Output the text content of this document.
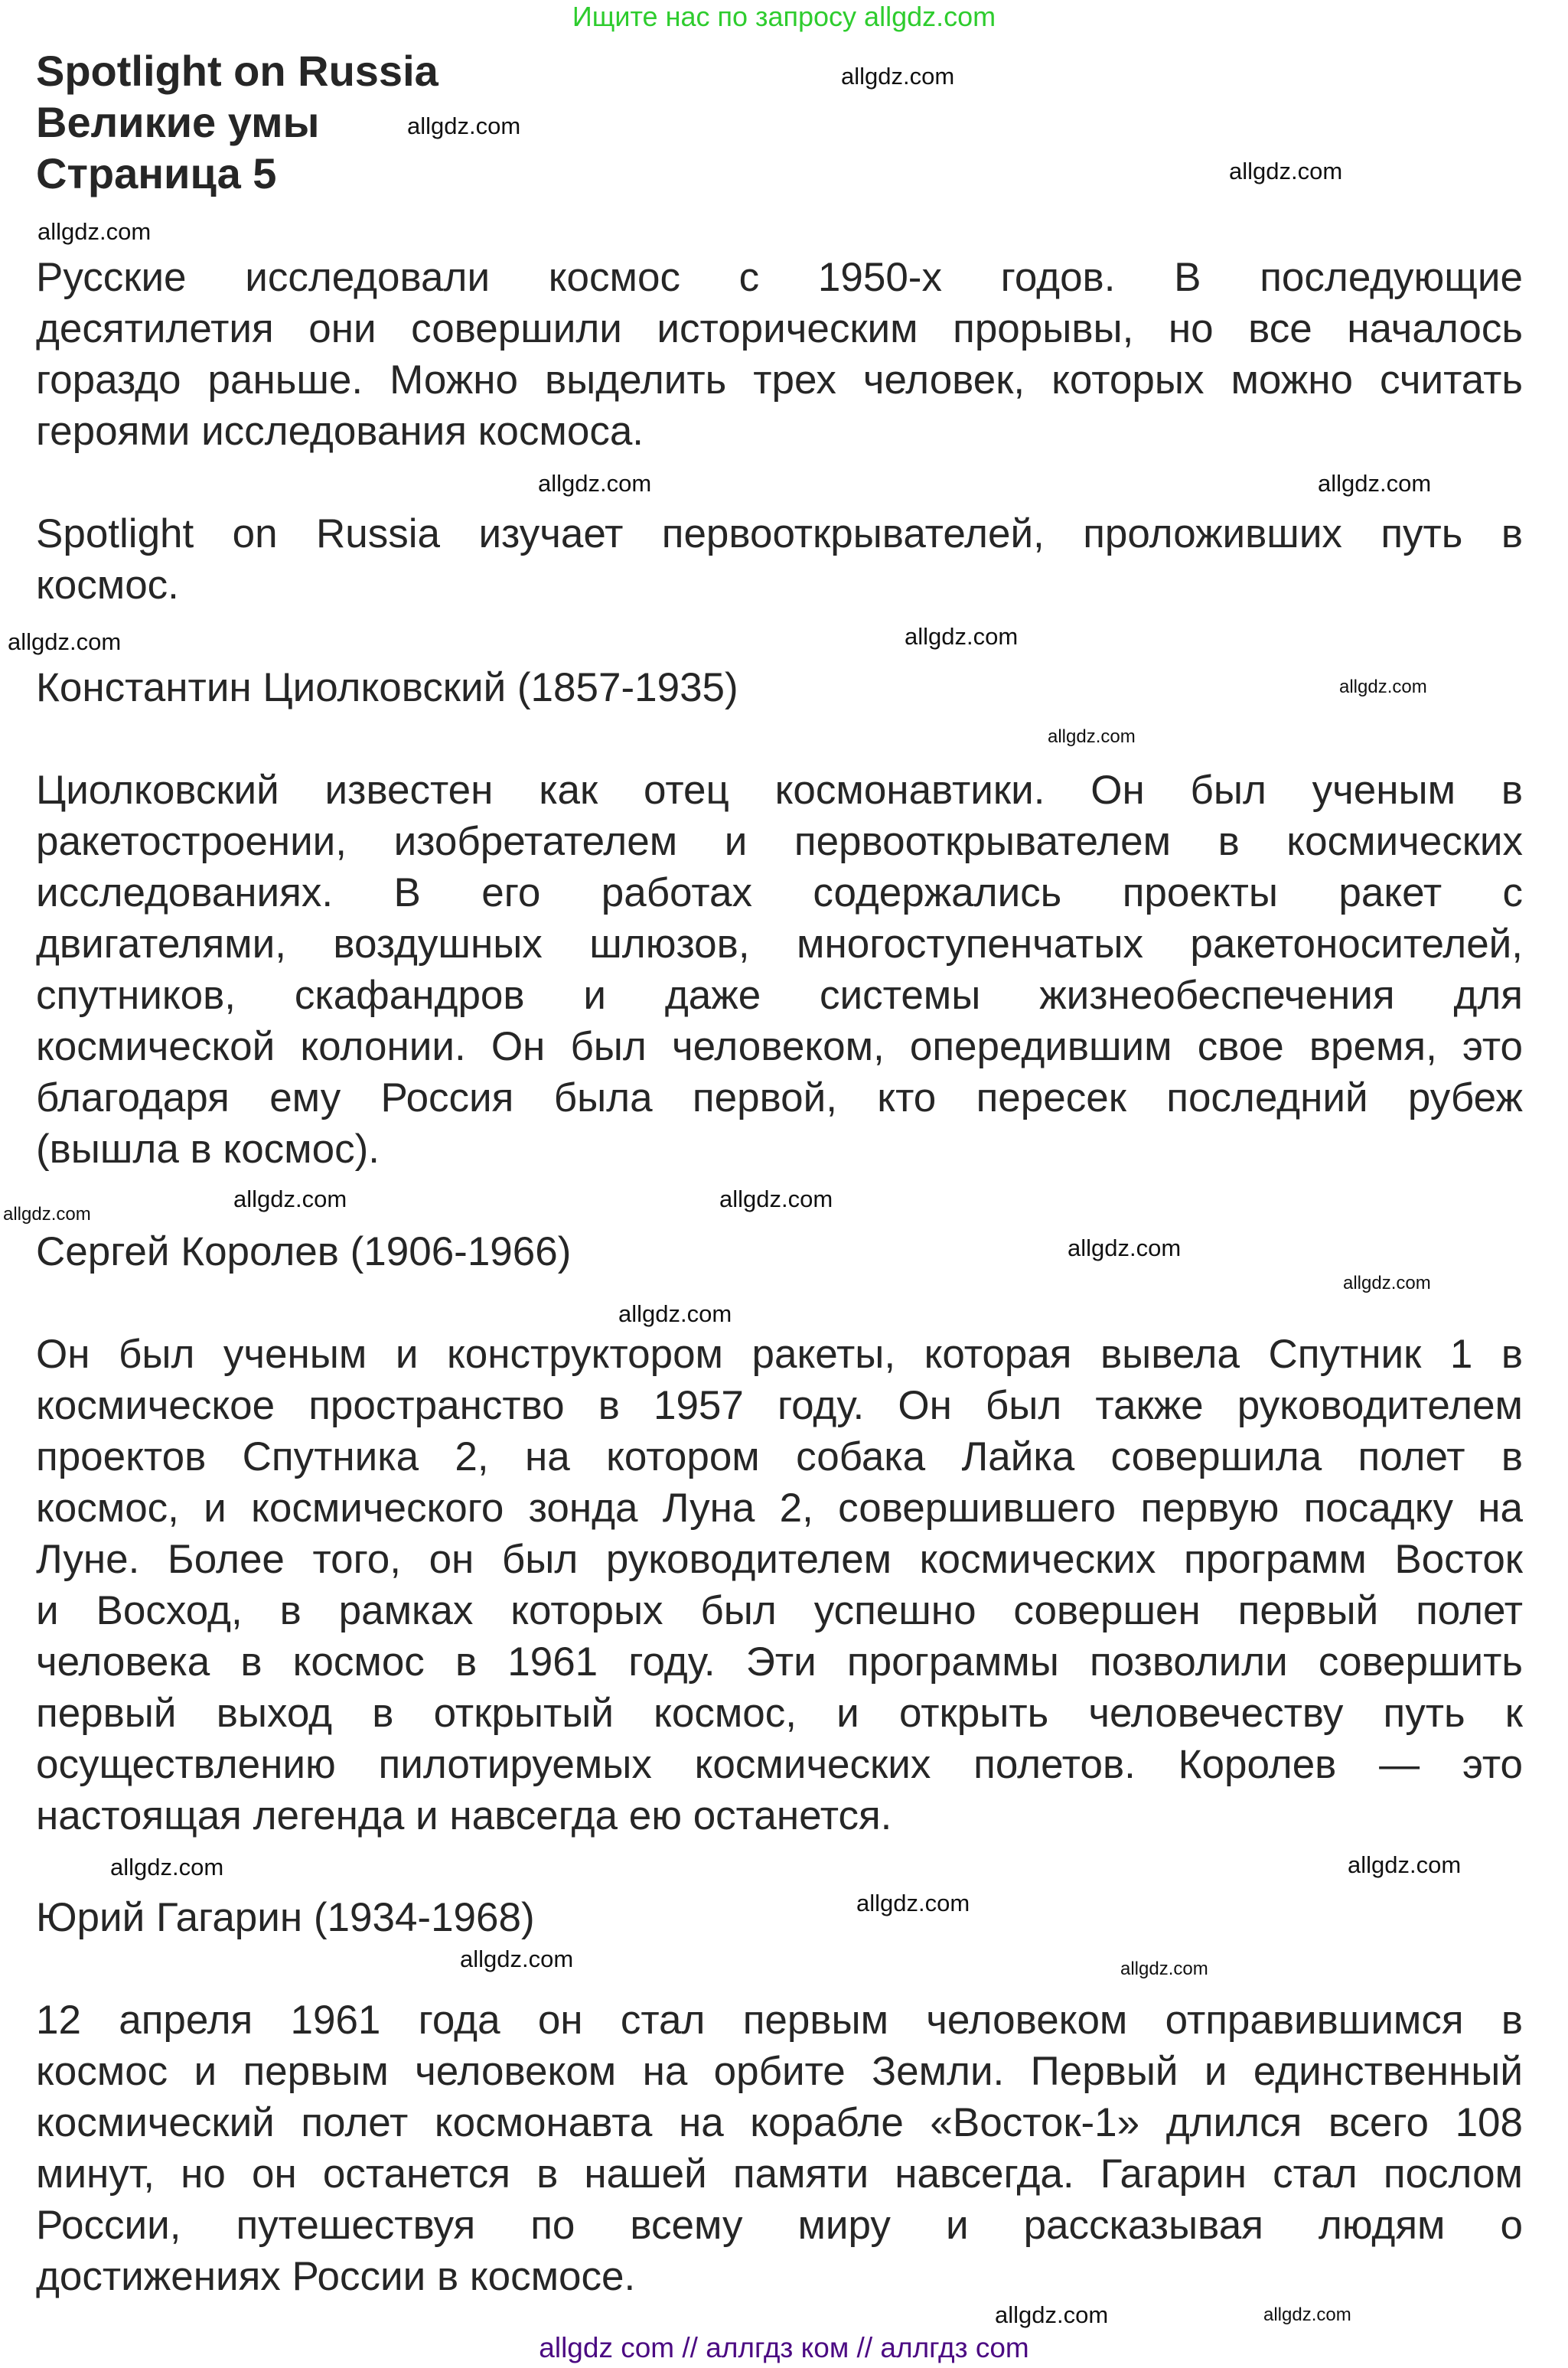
Ищите нас по запросу allgdz.com
Spotlight on Russia
Великие умы
Страница 5
Русские исследовали космос с 1950-х годов. В последующие
десятилетия они совершили историческим прорывы, но все началось
гораздо раньше. Можно выделить трех человек, которых можно считать
героями исследования космоса.
Spotlight on Russia изучает первооткрывателей, проложивших путь в
космос.
Константин Циолковский (1857-1935)
Циолковский известен как отец космонавтики. Он был ученым в
ракетостроении, изобретателем и первооткрывателем в космических
исследованиях. В его работах содержались проекты ракет с
двигателями, воздушных шлюзов, многоступенчатых ракетоносителей,
спутников, скафандров и даже системы жизнеобеспечения для
космической колонии. Он был человеком, опередившим свое время, это
благодаря ему Россия была первой, кто пересек последний рубеж
(вышла в космос).
Сергей Королев (1906-1966)
Он был ученым и конструктором ракеты, которая вывела Спутник 1 в
космическое пространство в 1957 году. Он был также руководителем
проектов Спутника 2, на котором собака Лайка совершила полет в
космос, и космического зонда Луна 2, совершившего первую посадку на
Луне. Более того, он был руководителем космических программ Восток
и Восход, в рамках которых был успешно совершен первый полет
человека в космос в 1961 году. Эти программы позволили совершить
первый выход в открытый космос, и открыть человечеству путь к
осуществлению пилотируемых космических полетов. Королев — это
настоящая легенда и навсегда ею останется.
Юрий Гагарин (1934-1968)
12 апреля 1961 года он стал первым человеком отправившимся в
космос и первым человеком на орбите Земли. Первый и единственный
космический полет космонавта на корабле «Восток-1» длился всего 108
минут, но он останется в нашей памяти навсегда. Гагарин стал послом
России, путешествуя по всему миру и рассказывая людям о
достижениях России в космосе.
allgdz.com
allgdz.com
allgdz.com
allgdz.com
allgdz.com
allgdz.com
allgdz.com
allgdz.com
allgdz.com
allgdz.com
allgdz.com
allgdz.com
allgdz.com
allgdz.com
allgdz.com
allgdz.com
allgdz.com
allgdz.com
allgdz.com
allgdz.com	allgdz.com
allgdz.com
allgdz.com
allgdz com // аллгдз ком // аллгдз com
